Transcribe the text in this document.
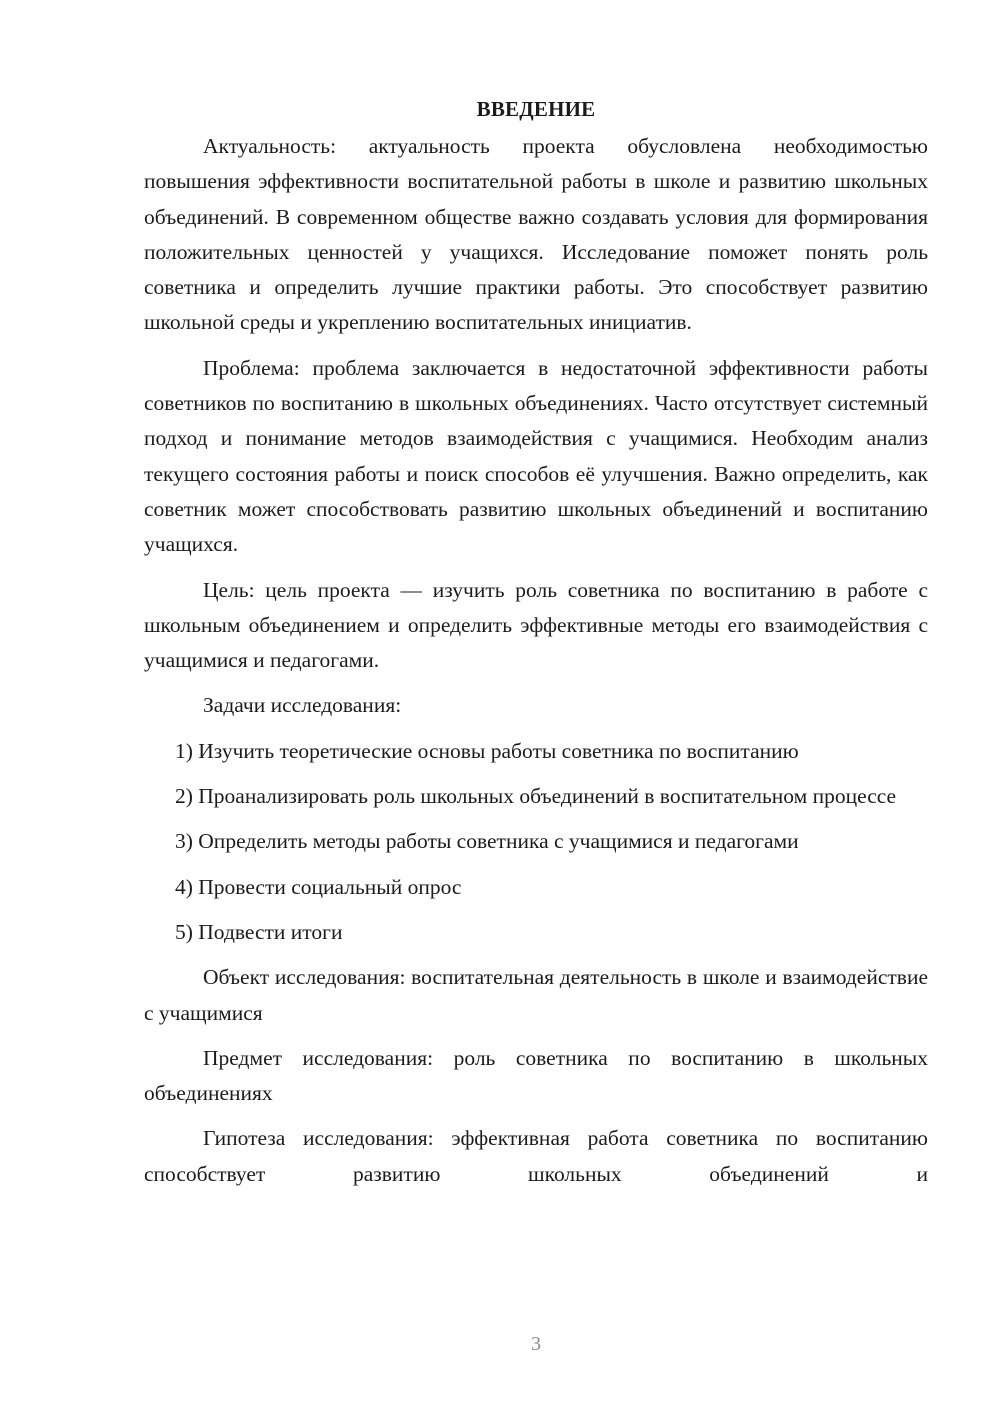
ВВЕДЕНИЕ

Актуальность: актуальность проекта обусловлена необходимостью повышения эффективности воспитательной работы в школе и развитию школьных объединений. В современном обществе важно создавать условия для формирования положительных ценностей у учащихся. Исследование поможет понять роль советника и определить лучшие практики работы. Это способствует развитию школьной среды и укреплению воспитательных инициатив.

Проблема: проблема заключается в недостаточной эффективности работы советников по воспитанию в школьных объединениях. Часто отсутствует системный подход и понимание методов взаимодействия с учащимися. Необходим анализ текущего состояния работы и поиск способов её улучшения. Важно определить, как советник может способствовать развитию школьных объединений и воспитанию учащихся.

Цель: цель проекта — изучить роль советника по воспитанию в работе с школьным объединением и определить эффективные методы его взаимодействия с учащимися и педагогами.

Задачи исследования:

1) Изучить теоретические основы работы советника по воспитанию

2) Проанализировать роль школьных объединений в воспитательном процессе

3) Определить методы работы советника с учащимися и педагогами

4) Провести социальный опрос

5) Подвести итоги

Объект исследования: воспитательная деятельность в школе и взаимодействие с учащимися

Предмет исследования: роль советника по воспитанию в школьных объединениях

Гипотеза исследования: эффективная работа советника по воспитанию способствует развитию школьных объединений и

3
